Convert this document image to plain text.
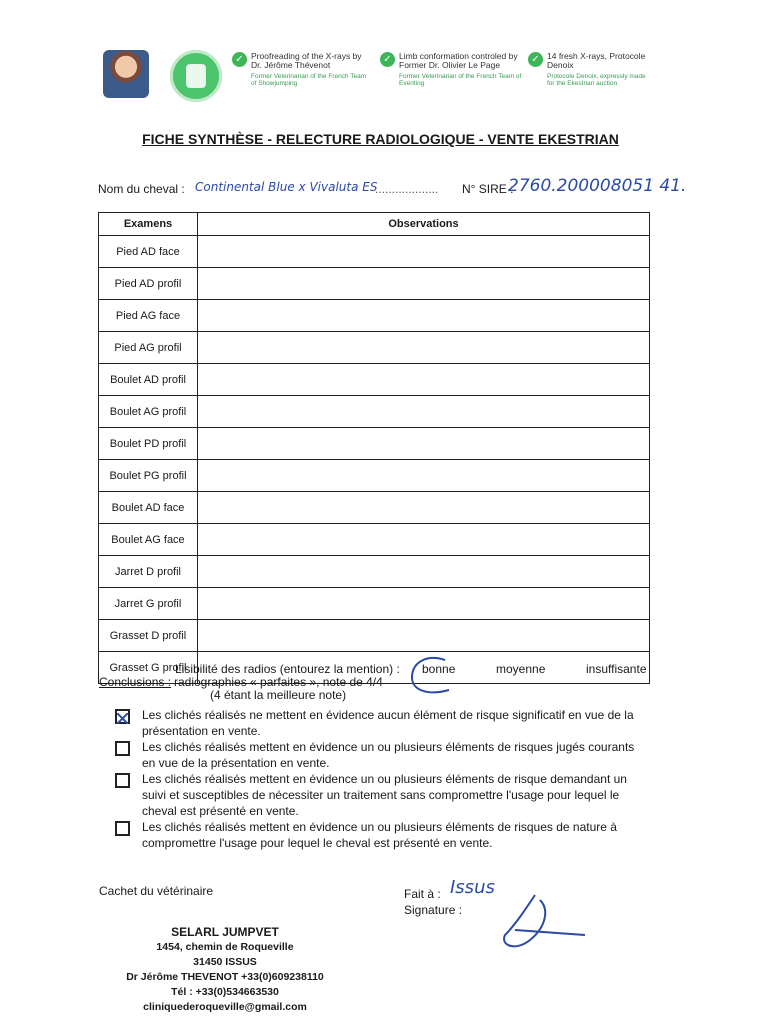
✓ Proofreading of the X-rays by Dr. Jérôme Thévenot
Former Veterinarian of the French Team of Showjumping
✓ Limb conformation controled by Former Dr. Olivier Le Page
Former Veterinarian of the French Team of Eventing
✓ 14 fresh X-rays, Protocole Denoix
Protocole Denoix, expressly made for the Ekestrian auction
FICHE SYNTHÈSE - RELECTURE RADIOLOGIQUE - VENTE EKESTRIAN
Nom du cheval : Continental Blue x Vivaluta ES
................... N° SIRE :
2760.200008051 41.
Examens	Observations
Pied AD face	
Pied AD profil	
Pied AG face	
Pied AG profil	
Boulet AD profil	
Boulet AG profil	
Boulet PD profil	
Boulet PG profil	
Boulet AD face	
Boulet AG face	
Jarret D profil	
Jarret G profil	
Grasset D profil	
Grasset G profil	
Lisibilité des radios (entourez la mention) : bonne	moyenne	insuffisante
Conclusions : radiographies « parfaites », note de 4/4
(4 étant la meilleure note)
Les clichés réalisés ne mettent en évidence aucun élément de risque significatif en vue de la
présentation en vente.
Les clichés réalisés mettent en évidence un ou plusieurs éléments de risques jugés courants
en vue de la présentation en vente.
Les clichés réalisés mettent en évidence un ou plusieurs éléments de risque demandant un
suivi et susceptibles de nécessiter un traitement sans compromettre l'usage pour lequel le
cheval est présenté en vente.
Les clichés réalisés mettent en évidence un ou plusieurs éléments de risques de nature à
compromettre l'usage pour lequel le cheval est présenté en vente.
Cachet du vétérinaire	Fait à : Issus
Signature :
SELARL JUMPVET
1454, chemin de Roqueville
31450 ISSUS
Dr Jérôme THEVENOT +33(0)609238110
Tél : +33(0)534663530
cliniquederoqueville@gmail.com
